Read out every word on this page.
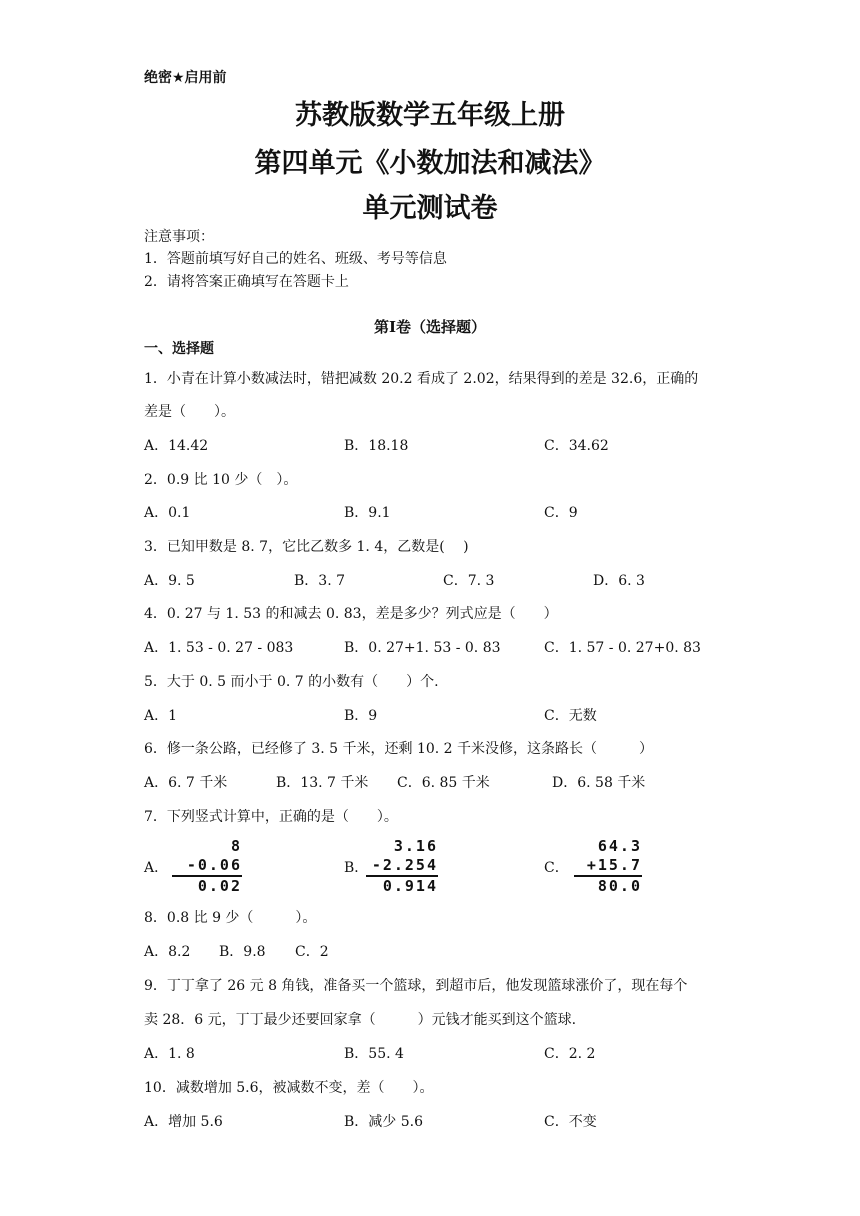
绝密★启用前
苏教版数学五年级上册
第四单元《小数加法和减法》
单元测试卷
注意事项：
1．答题前填写好自己的姓名、班级、考号等信息
2．请将答案正确填写在答题卡上
第Ⅰ卷（选择题）
一、选择题
1．小青在计算小数减法时，错把减数 20.2 看成了 2.02，结果得到的差是 32.6，正确的
差是（　　）。
A．14.42	B．18.18	C．34.62
2．0.9 比 10 少（　）。
A．0.1	B．9.1	C．9
3．已知甲数是 8. 7，它比乙数多 1. 4，乙数是(　 )
A．9. 5	B．3. 7	C．7. 3	D．6. 3
4．0. 27 与 1. 53 的和减去 0. 83，差是多少？列式应是（　　）
A．1. 53 - 0. 27 - 083	B．0. 27+1. 53 - 0. 83	C．1. 57 - 0. 27+0. 83
5．大于 0. 5 而小于 0. 7 的小数有（　　）个.
A．1	B．9	C．无数
6．修一条公路，已经修了 3. 5 千米，还剩 10. 2 千米没修，这条路长（　　　）
A．6. 7 千米	B．13. 7 千米 C．6. 85 千米	D．6. 58 千米
7．下列竖式计算中，正确的是（　　）。
A．
8
-0.06
0.02
B．
3.16
-2.254
0.914
C．
64.3
+15.7
80.0
8．0.8 比 9 少（　　　）。
A．8.2 B．9.8 C．2
9．丁丁拿了 26 元 8 角钱，准备买一个篮球，到超市后，他发现篮球涨价了，现在每个
卖 28．6 元，丁丁最少还要回家拿（　　　）元钱才能买到这个篮球.
A．1. 8	B．55. 4	C．2. 2
10．减数增加 5.6，被减数不变，差（　　）。
A．增加 5.6	B．减少 5.6	C．不变
